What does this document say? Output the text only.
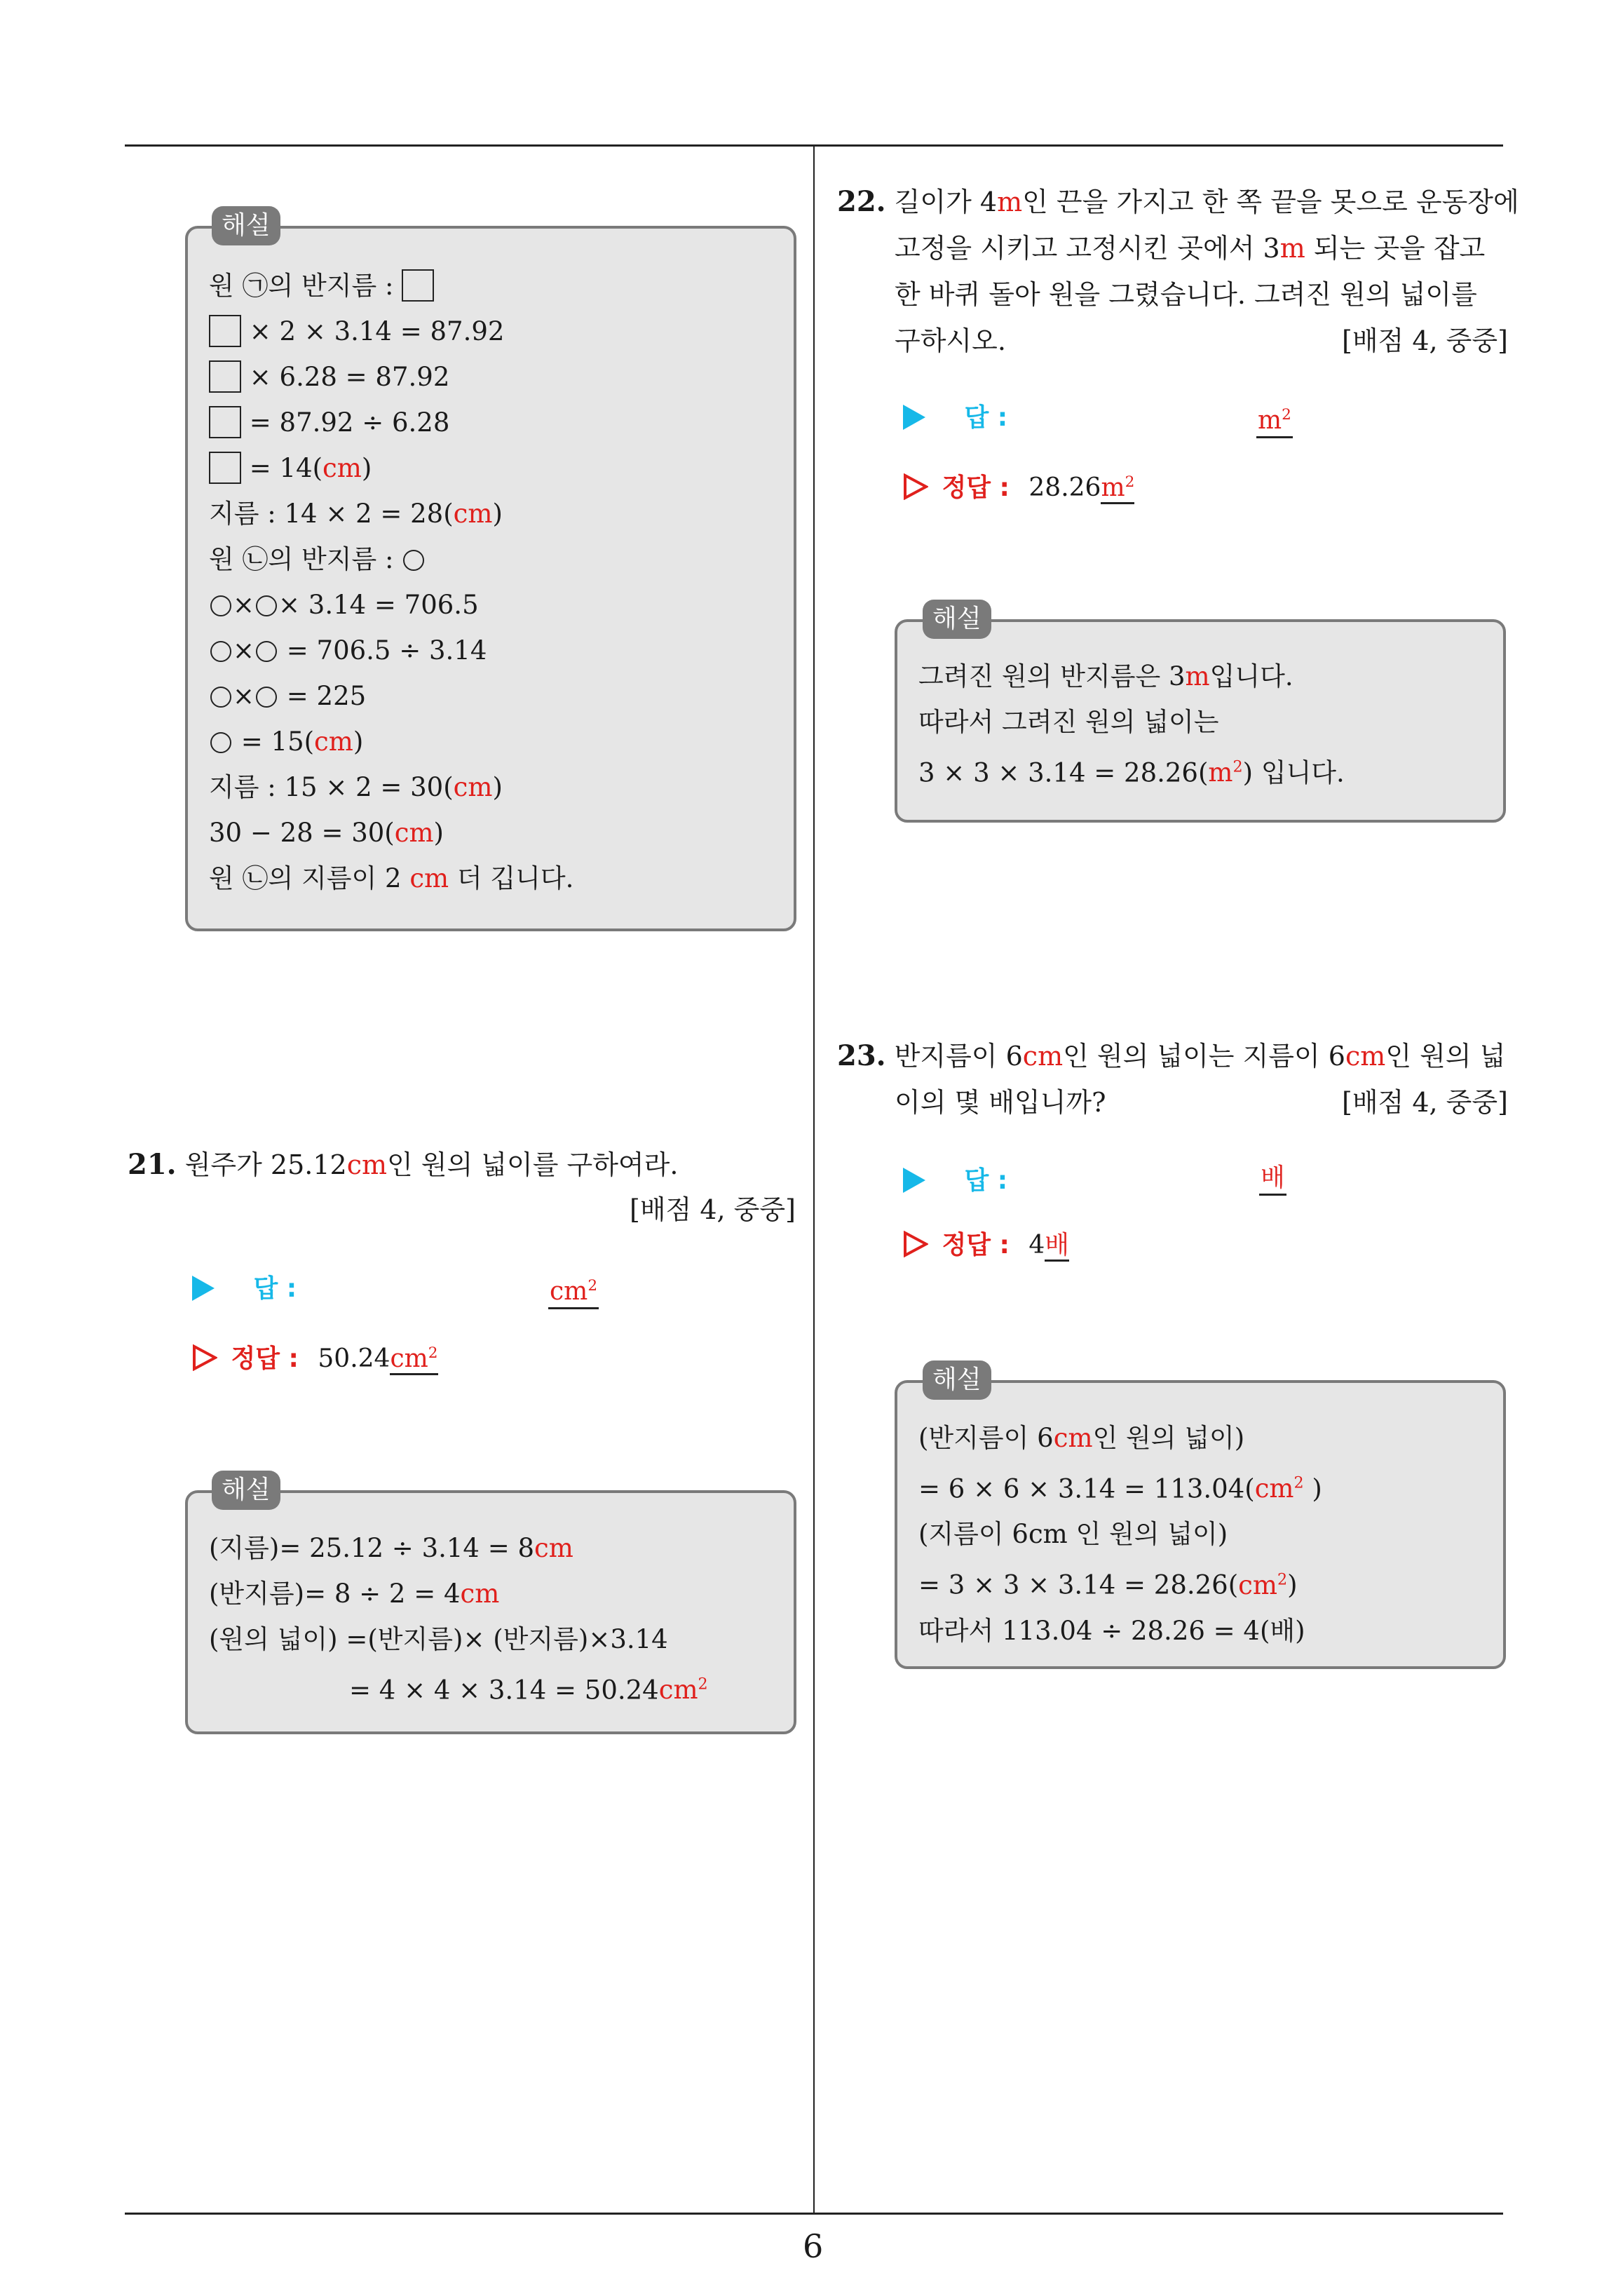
6
해설
원 ㉠의 반지름 :
× 2 × 3.14 = 87.92
× 6.28 = 87.92
= 87.92 ÷ 6.28
= 14(cm)
지름 : 14 × 2 = 28(cm)
원 ㉡의 반지름 :
× × 3.14 = 706.5
× = 706.5 ÷ 3.14
× = 225
= 15(cm)
지름 : 15 × 2 = 30(cm)
30 − 28 = 30(cm)
원 ㉡의 지름이 2 cm 더 깁니다.
21. 원주가 25.12cm인 원의 넓이를 구하여라.
[배점 4, 중중]
답 :	$cm^2$
정답 : $50.24cm^2$
해설
(지름)= 25.12 ÷ 3.14 = 8cm
(반지름)= 8 ÷ 2 = 4cm
(원의 넓이) =(반지름)× (반지름)×3.14
= $4 \times 4 \times 3.14 = 50.24cm^2$
22. 길이가 4m인 끈을 가지고 한 쪽 끝을 못으로 운동장에
고정을 시키고 고정시킨 곳에서 3m 되는 곳을 잡고
한 바퀴 돌아 원을 그렸습니다. 그려진 원의 넓이를
구하시오.	[배점 4, 중중]
답 :	$m^2$
정답 : $28.26m^2$
해설
그려진 원의 반지름은 3m입니다.
따라서 그려진 원의 넓이는
$3 \times 3 \times 3.14 = 28.26(m^2)$ 입니다.
23. 반지름이 6cm인 원의 넓이는 지름이 6cm인 원의 넓
이의 몇 배입니까?	[배점 4, 중중]
답 :	배
정답 : 4배
해설
(반지름이 6cm인 원의 넓이)
= $6 \times 6 \times 3.14 = 113.04(cm^2$ )
(지름이 6cm 인 원의 넓이)
= $3 \times 3 \times 3.14 = 28.26(cm^2)$
따라서 113.04 ÷ 28.26 = 4(배)
